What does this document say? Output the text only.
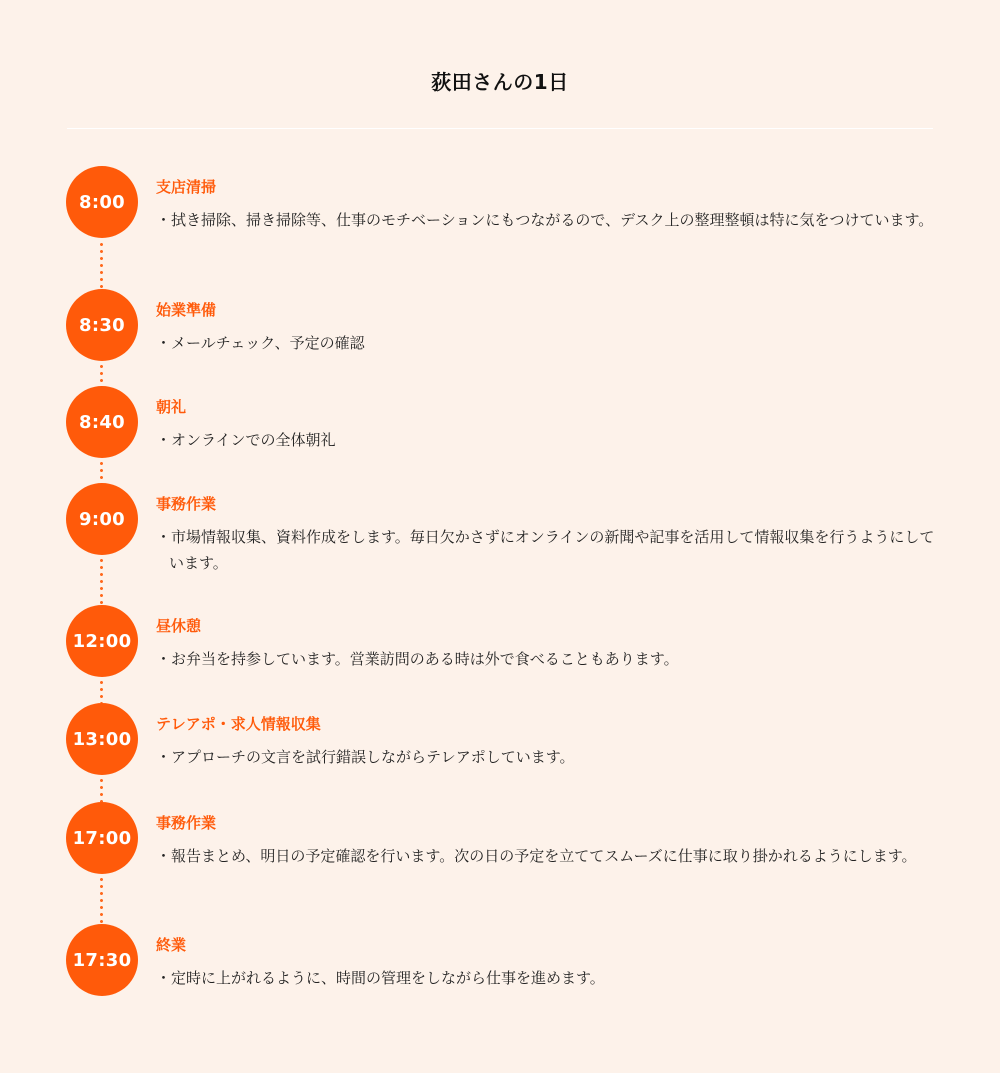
荻田さんの1日
8:00
支店清掃
・拭き掃除、掃き掃除等、仕事のモチベーションにもつながるので、デスク上の整理整頓は特に気をつけています。
8:30
始業準備
・メールチェック、予定の確認
8:40
朝礼
・オンラインでの全体朝礼
9:00
事務作業
・市場情報収集、資料作成をします。毎日欠かさずにオンラインの新聞や記事を活用して情報収集を行うようにしています。
12:00
昼休憩
・お弁当を持参しています。営業訪問のある時は外で食べることもあります。
13:00
テレアポ・求人情報収集
・アプローチの文言を試行錯誤しながらテレアポしています。
17:00
事務作業
・報告まとめ、明日の予定確認を行います。次の日の予定を立ててスムーズに仕事に取り掛かれるようにします。
17:30
終業
・定時に上がれるように、時間の管理をしながら仕事を進めます。
